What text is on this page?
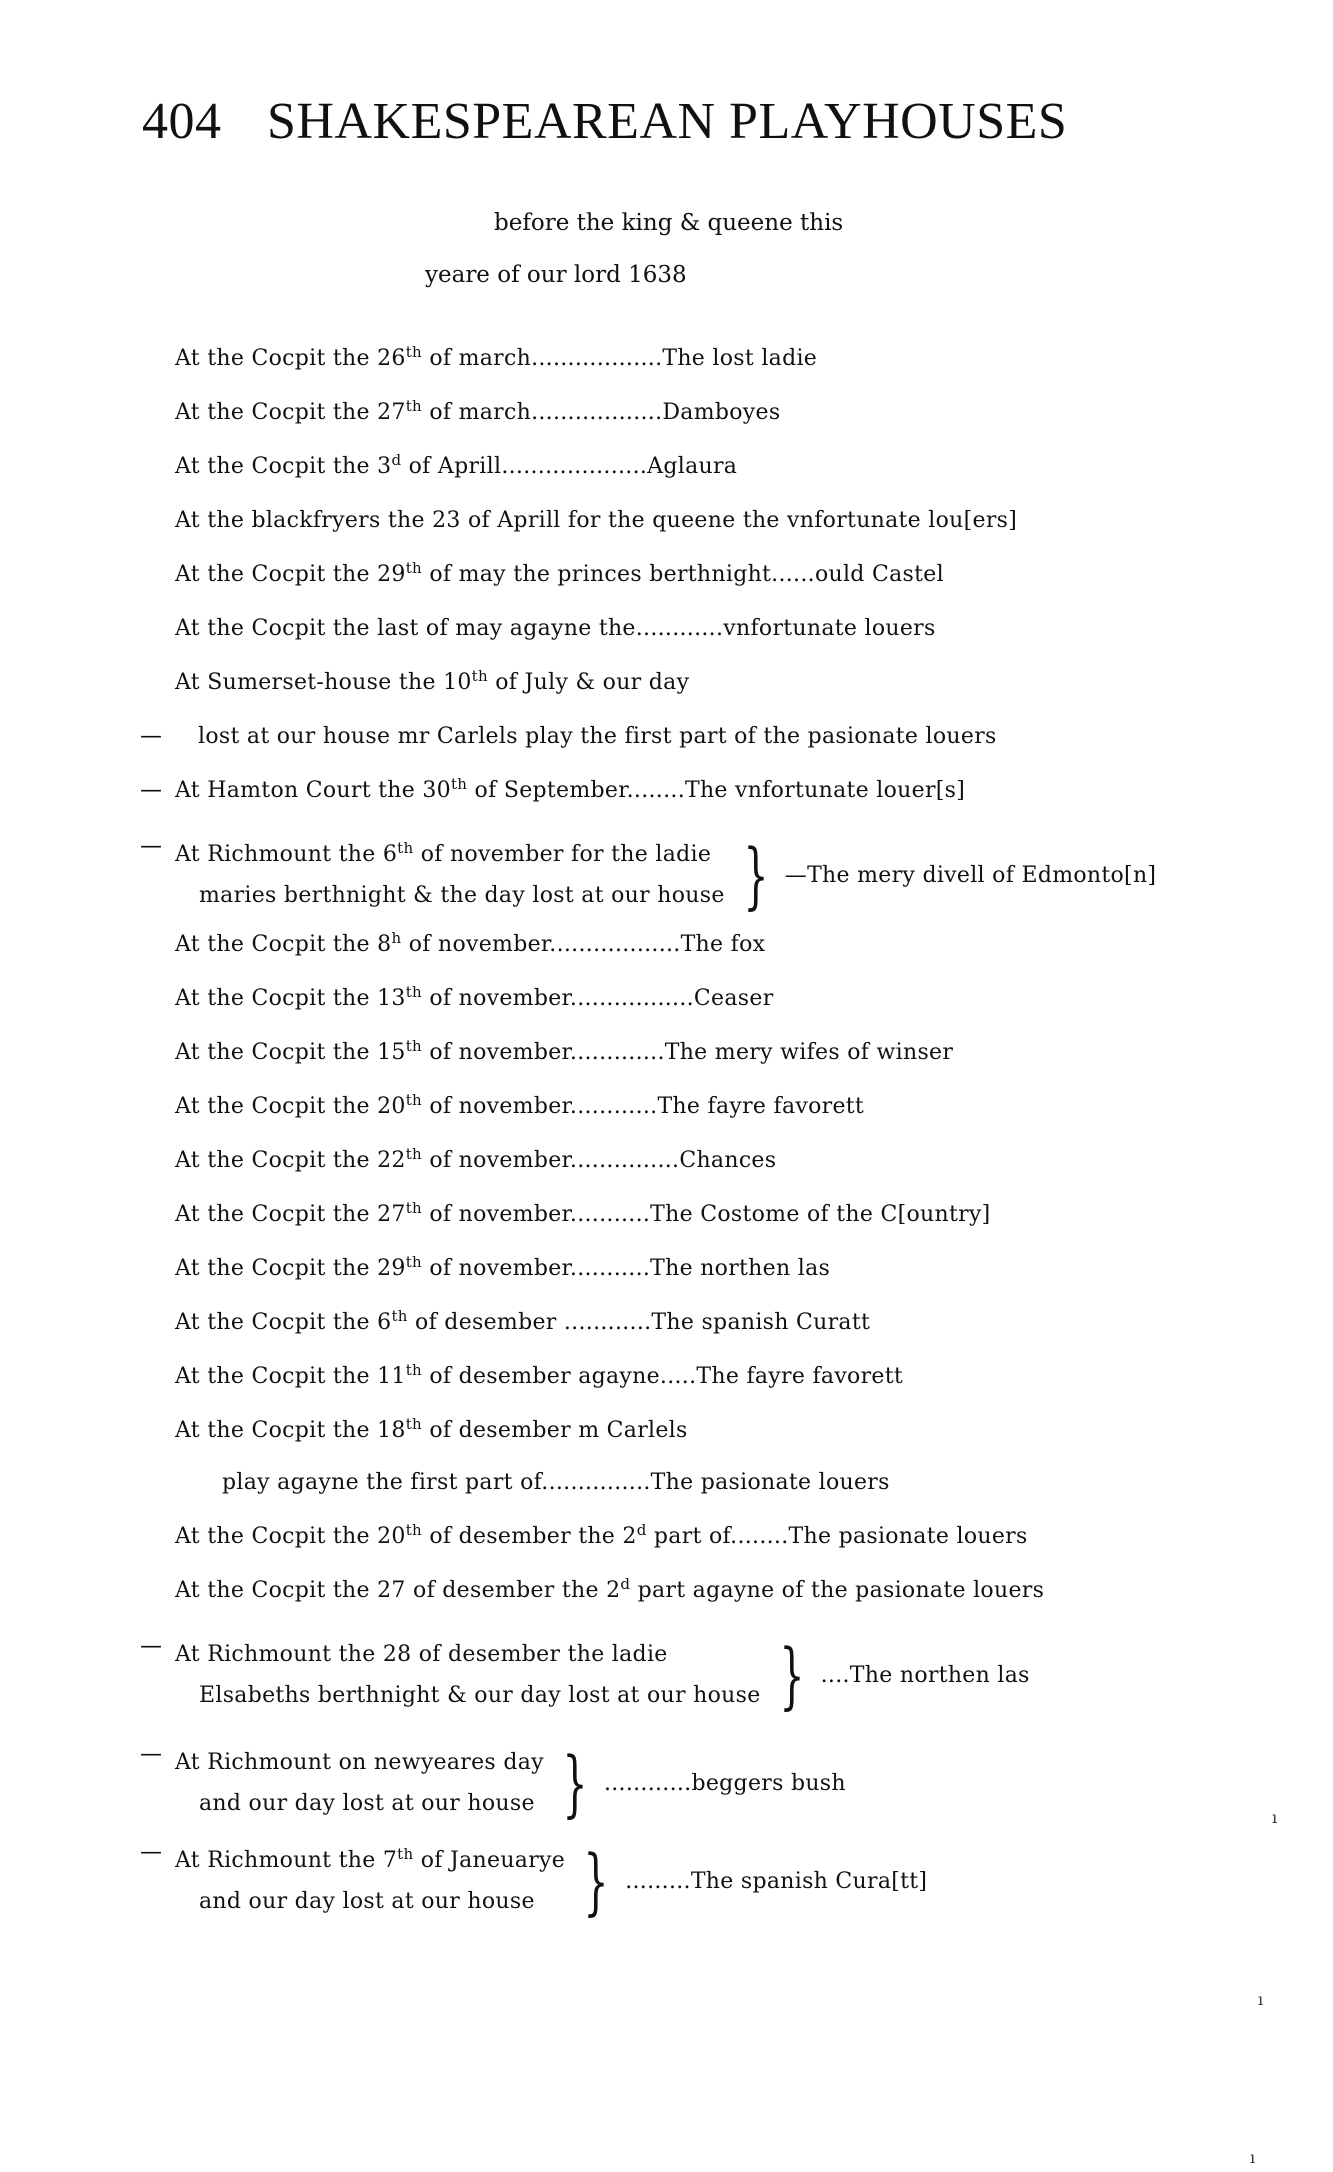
404 SHAKESPEAREAN PLAYHOUSES
before the king & queene this
yeare of our lord 1638
At the Cocpit the 26th of march..................The lost ladie
At the Cocpit the 27th of march..................Damboyes
At the Cocpit the 3$^d$ of Aprill....................Aglaura
At the blackfryers the 23 of Aprill for the queene the vnfortunate lou[ers]
At the Cocpit the 29th of may the princes berthnight......ould Castel
At the Cocpit the last of may agayne the............vnfortunate louers
At Sumerset-house the 10th of July & our day
— lost at our house mr Carlels play the first part of the pasionate louers
— At Hamton Court the 30th of September........The vnfortunate louer[s]
— At Richmount the 6th of november for the ladie
maries berthnight & the day lost at our house } —The mery divell of Edmonto[n]
At the Cocpit the 8$^h$ of november..................The fox
At the Cocpit the 13th of november.................Ceaser
At the Cocpit the 15th of november.............The mery wifes of winser
At the Cocpit the 20th of november............The fayre favorett
At the Cocpit the 22th of november...............Chances
At the Cocpit the 27th of november...........The Costome of the C[ountry]
At the Cocpit the 29th of november...........The northen las
At the Cocpit the 6th of desember ............The spanish Curatt
At the Cocpit the 11th of desember agayne.....The fayre favorett
At the Cocpit the 18th of desember m Carlels
play agayne the first part of...............The pasionate louers
At the Cocpit the 20th of desember the 2$^d$ part of........The pasionate louers
At the Cocpit the 27 of desember the 2$^d$ part agayne of the pasionate louers
— At Richmount the 28 of desember the ladie
Elsabeths berthnight & our day lost at our house } ....The northen las
— At Richmount on newyeares day
and our day lost at our house } ............beggers bush
— At Richmount the 7th of Janeuarye
and our day lost at our house } .........The spanish Cura[tt]
ı
ı
ı
